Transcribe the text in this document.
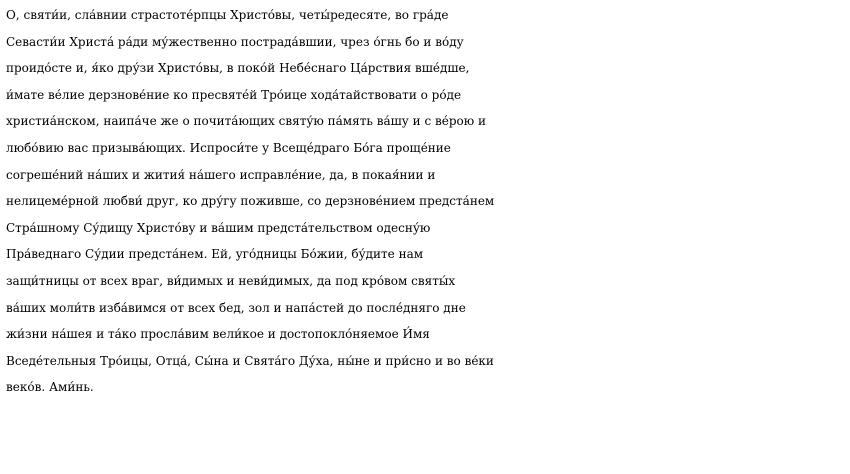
О, святи́и, сла́внии страстоте́рпцы Христо́вы, четы́редесяте, во гра́де
Севасти́и Христа́ ра́ди му́жественно пострада́вшии, чрез о́гнь бо и во́ду
проидо́сте и, я́ко дру́зи Христо́вы, в поко́й Небе́снаго Ца́рствия вше́дше,
и́мате ве́лие дерзнове́ние ко пресвяте́й Тро́ице хода́тайствовати о ро́де
христиа́нском, наипа́че же о почита́ющих святу́ю па́мять ва́шу и с ве́рою и
любо́вию вас призыва́ющих. Испроси́те у Всеще́драго Бо́га проще́ние
согреше́ний на́ших и жития́ на́шего исправле́ние, да, в покая́нии и
нелицеме́рной любви́ друг, ко дру́гу поживше, со дерзнове́нием предста́нем
Стра́шному Су́дищу Христо́ву и ва́шим предста́тельством одесну́ю
Пра́веднаго Су́дии предста́нем. Ей, уго́дницы Бо́жии, бу́дите нам
защи́тницы от всех враг, ви́димых и неви́димых, да под кро́вом святы́х
ва́ших моли́тв изба́вимся от всех бед, зол и напа́стей до после́дняго дне
жи́зни на́шея и та́ко просла́вим вели́кое и достопокло́няемое И́мя
Вседе́тельныя Тро́ицы, Отца́, Сы́на и Свята́го Ду́ха, ны́не и при́сно и во ве́ки
веко́в. Ами́нь.
